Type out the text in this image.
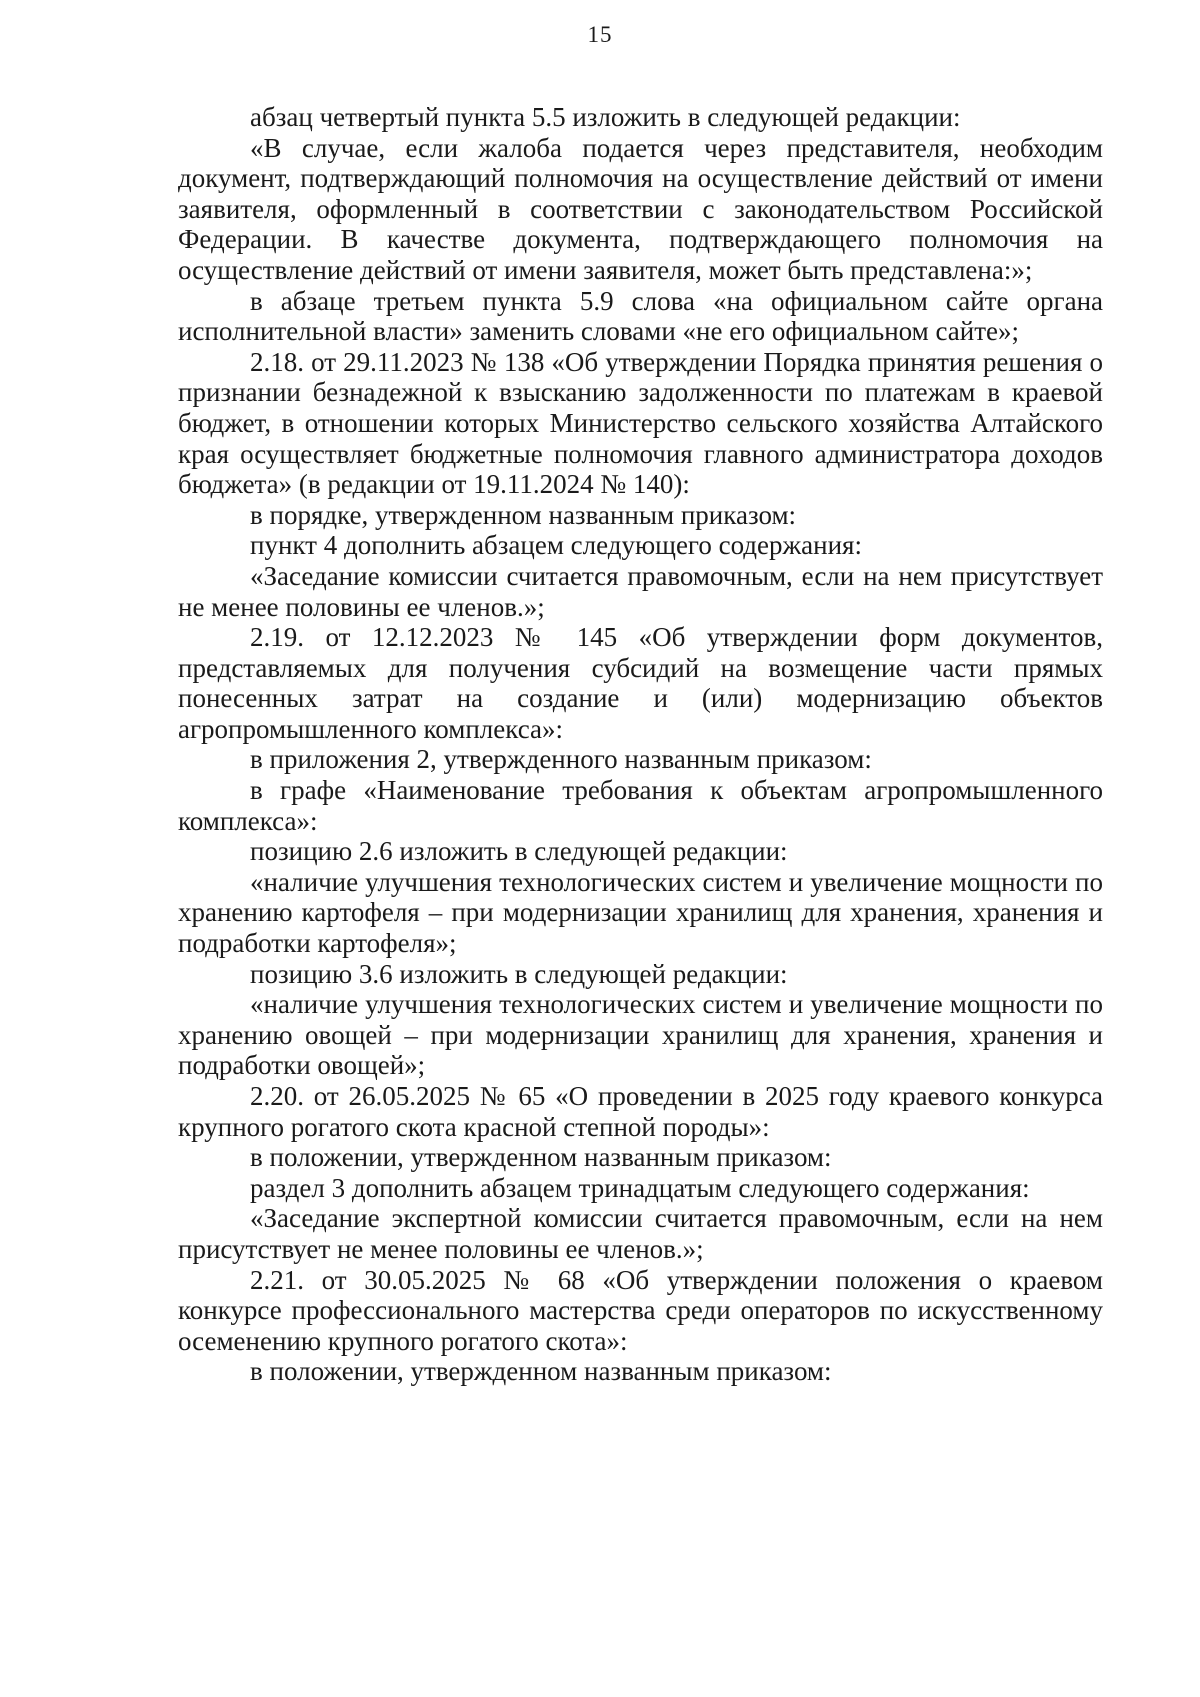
15

абзац четвертый пункта 5.5 изложить в следующей редакции:

«В случае, если жалоба подается через представителя, необходим документ, подтверждающий полномочия на осуществление действий от имени заявителя, оформленный в соответствии с законодательством Российской Федерации. В качестве документа, подтверждающего полномочия на осуществление действий от имени заявителя, может быть представлена:»;

в абзаце третьем пункта 5.9 слова «на официальном сайте органа исполнительной власти» заменить словами «не его официальном сайте»;

2.18. от 29.11.2023 № 138 «Об утверждении Порядка принятия решения о признании безнадежной к взысканию задолженности по платежам в краевой бюджет, в отношении которых Министерство сельского хозяйства Алтайского края осуществляет бюджетные полномочия главного администратора доходов бюджета» (в редакции от 19.11.2024 № 140):

в порядке, утвержденном названным приказом:

пункт 4 дополнить абзацем следующего содержания:

«Заседание комиссии считается правомочным, если на нем присутствует не менее половины ее членов.»;

2.19. от 12.12.2023 № 145 «Об утверждении форм документов, представляемых для получения субсидий на возмещение части прямых понесенных затрат на создание и (или) модернизацию объектов агропромышленного комплекса»:

в приложения 2, утвержденного названным приказом:

в графе «Наименование требования к объектам агропромышленного комплекса»:

позицию 2.6 изложить в следующей редакции:

«наличие улучшения технологических систем и увеличение мощности по хранению картофеля – при модернизации хранилищ для хранения, хранения и подработки картофеля»;

позицию 3.6 изложить в следующей редакции:

«наличие улучшения технологических систем и увеличение мощности по хранению овощей – при модернизации хранилищ для хранения, хранения и подработки овощей»;

2.20. от 26.05.2025 № 65 «О проведении в 2025 году краевого конкурса крупного рогатого скота красной степной породы»:

в положении, утвержденном названным приказом:

раздел 3 дополнить абзацем тринадцатым следующего содержания:

«Заседание экспертной комиссии считается правомочным, если на нем присутствует не менее половины ее членов.»;

2.21. от 30.05.2025 № 68 «Об утверждении положения о краевом конкурсе профессионального мастерства среди операторов по искусственному осеменению крупного рогатого скота»:

в положении, утвержденном названным приказом:
